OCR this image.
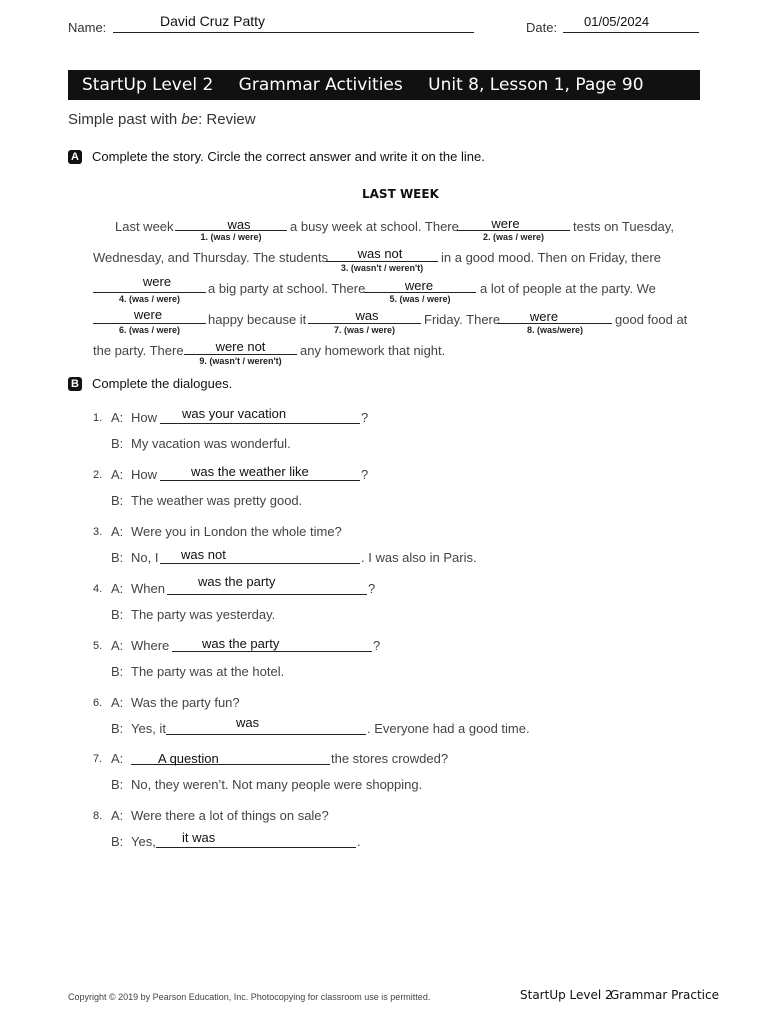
Name:	David Cruz Patty	Date: 01/05/2024
StartUp Level 2 Grammar Activities Unit 8, Lesson 1, Page 90
Simple past with be: Review
A Complete the story. Circle the correct answer and write it on the line.
LAST WEEK
Last week	was
1. (was / were)
a busy week at school. There	were
2. (was / were)
tests on Tuesday,
Wednesday, and Thursday. The students	was not
3. (wasn't / weren't)
in a good mood. Then on Friday, there
were
4. (was / were)
a big party at school. There	were
5. (was / were)
a lot of people at the party. We
were
6. (was / were)
happy because it	was
7. (was / were)
Friday. There	were
8. (was/were)
good food at
the party. There	were not
9. (wasn't / weren't)
any homework that night.
B Complete the dialogues.
1. A: How was your vacation	?
B: My vacation was wonderful.
2. A: How	was the weather like	?
B: The weather was pretty good.
3. A: Were you in London the whole time?
B: No, I was not	. I was also in Paris.
4. A: When	was the party	?
B: The party was yesterday.
5. A: Where	was the party	?
B: The party was at the hotel.
6. A: Was the party fun?
B: Yes, it	was	. Everyone had a good time.
7. A:	A question	the stores crowded?
B: No, they weren’t. Not many people were shopping.
8. A: Were there a lot of things on sale?
B: Yes, it was	.
Copyright © 2019 by Pearson Education, Inc. Photocopying for classroom use is permitted.	StartUp Level 2
Grammar Practice
